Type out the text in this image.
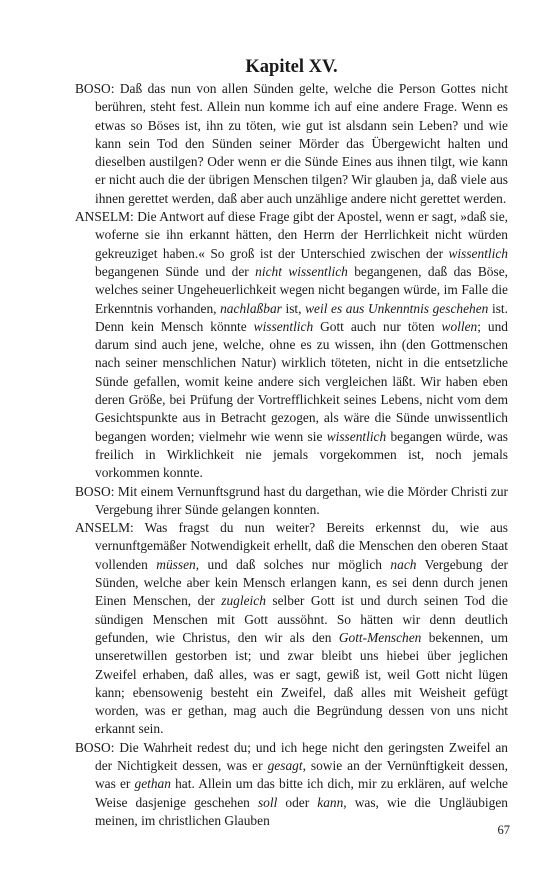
Kapitel XV.

BOSO: Daß das nun von allen Sünden gelte, welche die Person Gottes nicht berühren, steht fest. Allein nun komme ich auf eine andere Frage. Wenn es etwas so Böses ist, ihn zu töten, wie gut ist alsdann sein Leben? und wie kann sein Tod den Sünden seiner Mörder das Übergewicht halten und dieselben austilgen? Oder wenn er die Sünde Eines aus ihnen tilgt, wie kann er nicht auch die der übrigen Menschen tilgen? Wir glauben ja, daß viele aus ihnen gerettet werden, daß aber auch unzählige andere nicht gerettet werden.

ANSELM: Die Antwort auf diese Frage gibt der Apostel, wenn er sagt, »daß sie, woferne sie ihn erkannt hätten, den Herrn der Herrlichkeit nicht würden gekreuziget haben.« So groß ist der Unterschied zwischen der wissentlich begangenen Sünde und der nicht wissentlich begangenen, daß das Böse, welches seiner Ungeheuerlichkeit wegen nicht begangen würde, im Falle die Erkenntnis vorhanden, nachlaßbar ist, weil es aus Unkenntnis geschehen ist. Denn kein Mensch könnte wissentlich Gott auch nur töten wollen; und darum sind auch jene, welche, ohne es zu wissen, ihn (den Gottmenschen nach seiner menschlichen Natur) wirklich töteten, nicht in die entsetzliche Sünde gefallen, womit keine andere sich vergleichen läßt. Wir haben eben deren Größe, bei Prüfung der Vortrefflichkeit seines Lebens, nicht vom dem Gesichtspunkte aus in Betracht gezogen, als wäre die Sünde unwissentlich begangen worden; vielmehr wie wenn sie wissentlich begangen würde, was freilich in Wirklichkeit nie jemals vorgekommen ist, noch jemals vorkommen konnte.

BOSO: Mit einem Vernunftsgrund hast du dargethan, wie die Mörder Christi zur Vergebung ihrer Sünde gelangen konnten.

ANSELM: Was fragst du nun weiter? Bereits erkennst du, wie aus vernunftgemäßer Notwendigkeit erhellt, daß die Menschen den oberen Staat vollenden müssen, und daß solches nur möglich nach Vergebung der Sünden, welche aber kein Mensch erlangen kann, es sei denn durch jenen Einen Menschen, der zugleich selber Gott ist und durch seinen Tod die sündigen Menschen mit Gott aussöhnt. So hätten wir denn deutlich gefunden, wie Christus, den wir als den Gott-Menschen bekennen, um unseretwillen gestorben ist; und zwar bleibt uns hiebei über jeglichen Zweifel erhaben, daß alles, was er sagt, gewiß ist, weil Gott nicht lügen kann; ebensowenig besteht ein Zweifel, daß alles mit Weisheit gefügt worden, was er gethan, mag auch die Begründung dessen von uns nicht erkannt sein.

BOSO: Die Wahrheit redest du; und ich hege nicht den geringsten Zweifel an der Nichtigkeit dessen, was er gesagt, sowie an der Vernünftigkeit dessen, was er gethan hat. Allein um das bitte ich dich, mir zu erklären, auf welche Weise dasjenige geschehen soll oder kann, was, wie die Ungläubigen meinen, im christlichen Glauben

67
